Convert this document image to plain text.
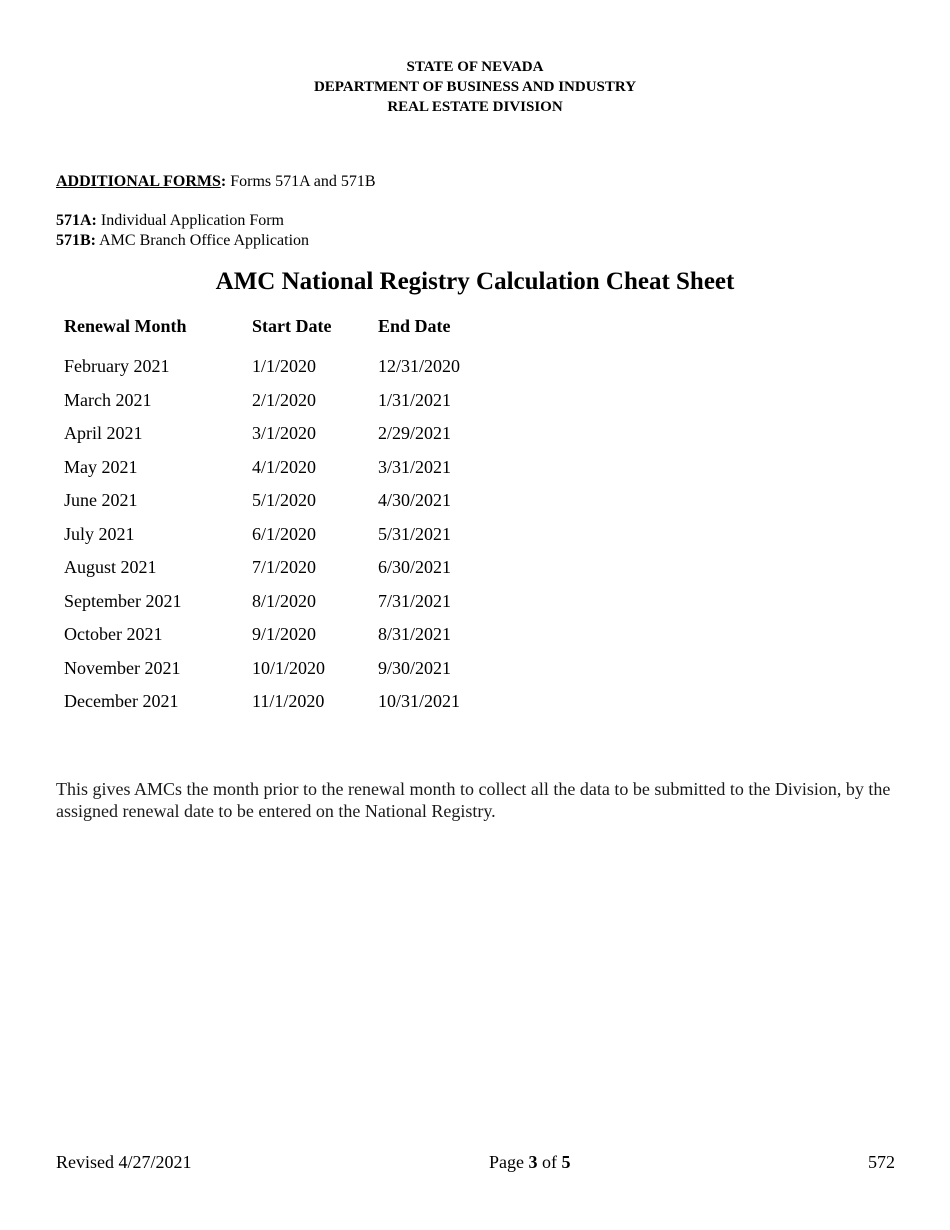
STATE OF NEVADA
DEPARTMENT OF BUSINESS AND INDUSTRY
REAL ESTATE DIVISION
ADDITIONAL FORMS: Forms 571A and 571B
571A: Individual Application Form
571B: AMC Branch Office Application
AMC National Registry Calculation Cheat Sheet
Renewal Month	Start Date	End Date

February 2021	1/1/2020	12/31/2020
March 2021	2/1/2020	1/31/2021
April 2021	3/1/2020	2/29/2021
May 2021	4/1/2020	3/31/2021
June 2021	5/1/2020	4/30/2021
July 2021	6/1/2020	5/31/2021
August 2021	7/1/2020	6/30/2021
September 2021	8/1/2020	7/31/2021
October 2021	9/1/2020	8/31/2021
November 2021	10/1/2020	9/30/2021
December 2021	11/1/2020	10/31/2021
This gives AMCs the month prior to the renewal month to collect all the data to be submitted to the Division, by the assigned renewal date to be entered on the National Registry.
Revised 4/27/2021	Page 3 of 5	572
